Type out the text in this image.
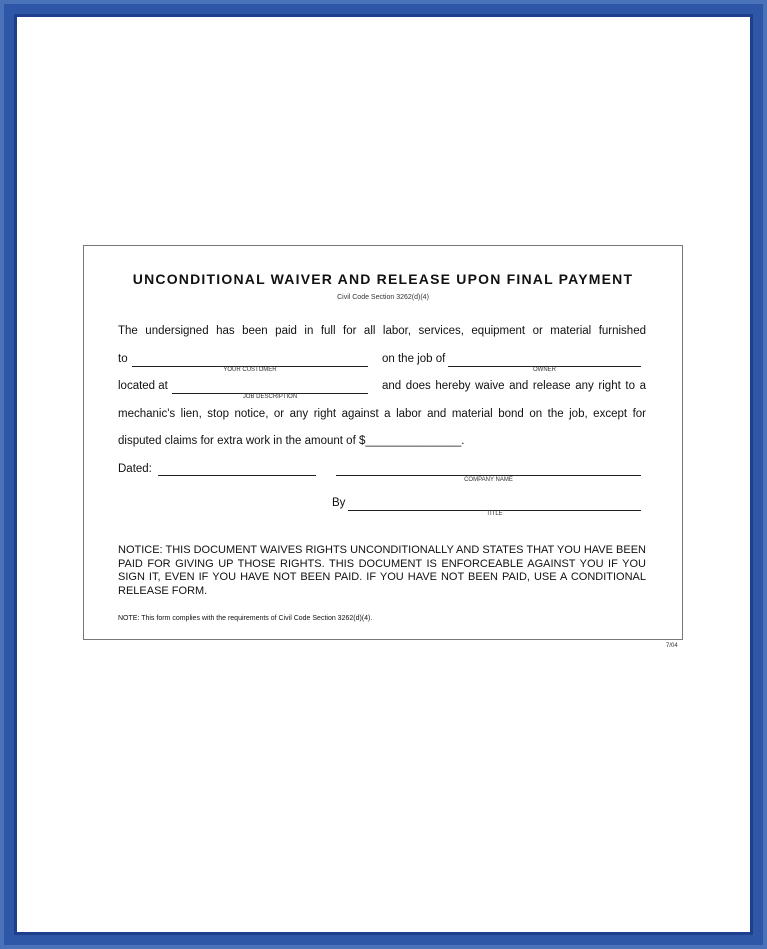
UNCONDITIONAL WAIVER AND RELEASE UPON FINAL PAYMENT
Civil Code Section 3262(d)(4)
The undersigned has been paid in full for all labor, services, equipment or material furnished
to
YOUR CUSTOMER
on the job of
OWNER
located at
JOB DESCRIPTION
and does hereby waive and release any right to a
mechanic's lien, stop notice, or any right against a labor and material bond on the job, except for
disputed claims for extra work in the amount of $_______________.
Dated:
COMPANY NAME
By
TITLE
NOTICE: THIS DOCUMENT WAIVES RIGHTS UNCONDITIONALLY AND STATES THAT YOU HAVE BEEN PAID FOR GIVING UP THOSE RIGHTS. THIS DOCUMENT IS ENFORCEABLE AGAINST YOU IF YOU SIGN IT, EVEN IF YOU HAVE NOT BEEN PAID. IF YOU HAVE NOT BEEN PAID, USE A CONDITIONAL RELEASE FORM.
NOTE: This form complies with the requirements of Civil Code Section 3262(d)(4).
7/04
